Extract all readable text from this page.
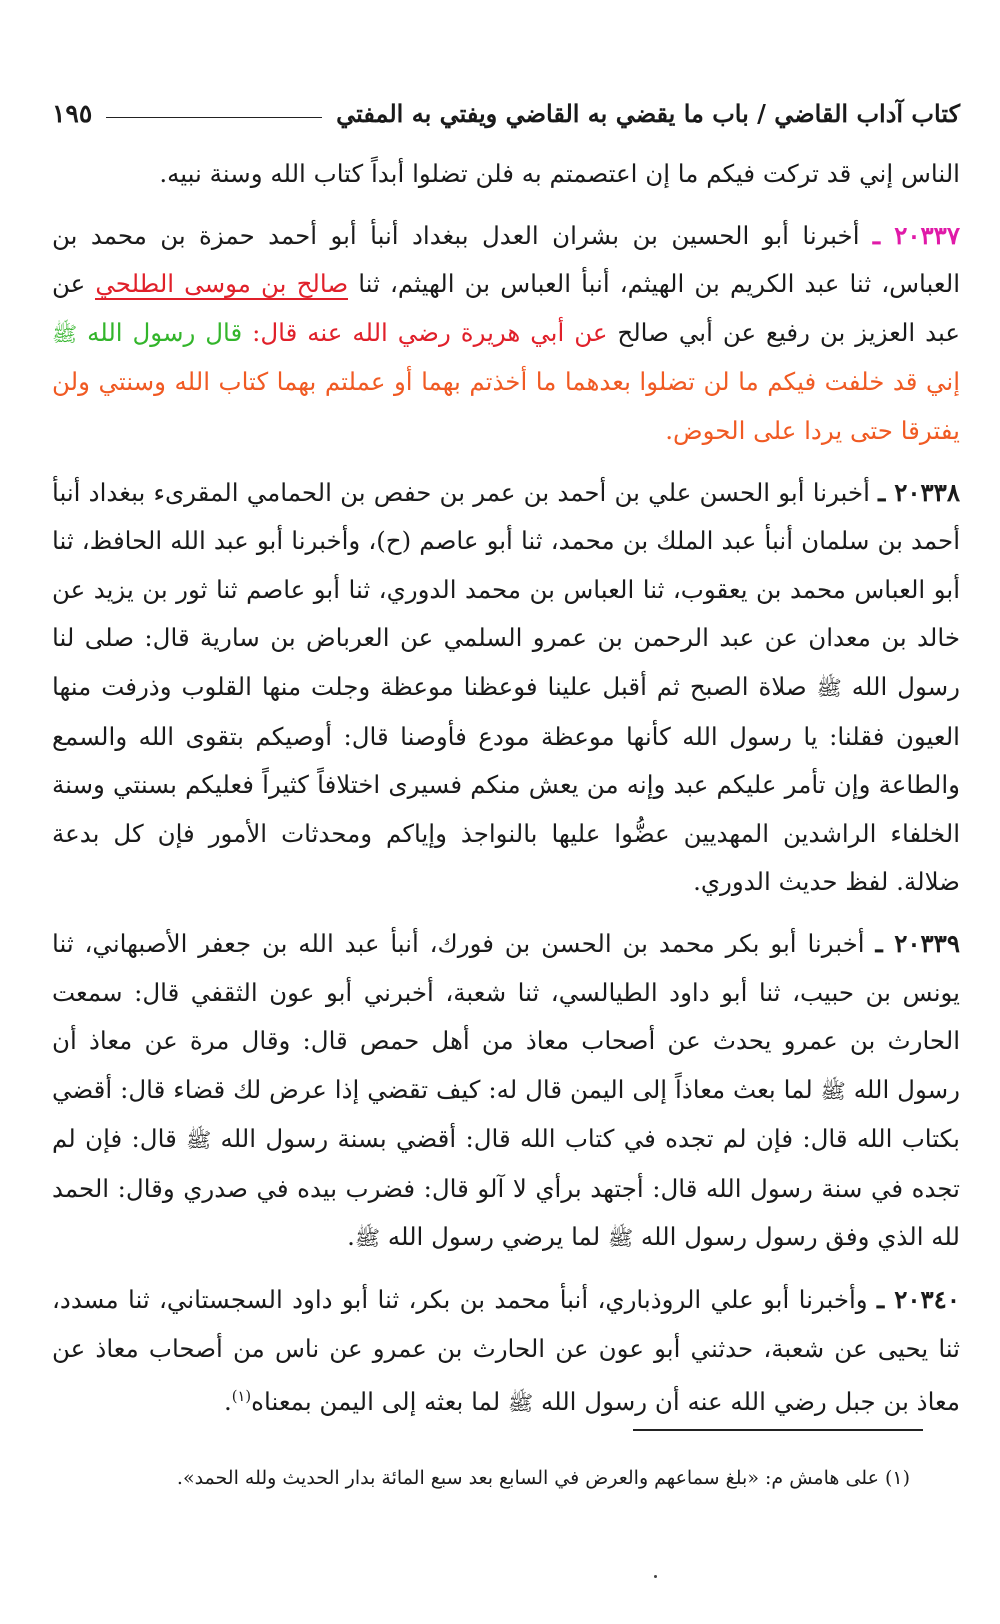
كتاب آداب القاضي / باب ما يقضي به القاضي ويفتي به المفتي
١٩٥

الناس إني قد تركت فيكم ما إن اعتصمتم به فلن تضلوا أبداً كتاب الله وسنة نبيه.

٢٠٣٣٧ ـ أخبرنا أبو الحسين بن بشران العدل ببغداد أنبأ أبو أحمد حمزة بن محمد بن العباس، ثنا عبد الكريم بن الهيثم، أنبأ العباس بن الهيثم، ثنا صالح بن موسى الطلحي عن عبد العزيز بن رفيع عن أبي صالح عن أبي هريرة رضي الله عنه قال: قال رسول الله ﷺ إني قد خلفت فيكم ما لن تضلوا بعدهما ما أخذتم بهما أو عملتم بهما كتاب الله وسنتي ولن يفترقا حتى يردا على الحوض.

٢٠٣٣٨ ـ أخبرنا أبو الحسن علي بن أحمد بن عمر بن حفص بن الحمامي المقرىء ببغداد أنبأ أحمد بن سلمان أنبأ عبد الملك بن محمد، ثنا أبو عاصم (ح)، وأخبرنا أبو عبد الله الحافظ، ثنا أبو العباس محمد بن يعقوب، ثنا العباس بن محمد الدوري، ثنا أبو عاصم ثنا ثور بن يزيد عن خالد بن معدان عن عبد الرحمن بن عمرو السلمي عن العرباض بن سارية قال: صلى لنا رسول الله ﷺ صلاة الصبح ثم أقبل علينا فوعظنا موعظة وجلت منها القلوب وذرفت منها العيون فقلنا: يا رسول الله كأنها موعظة مودع فأوصنا قال: أوصيكم بتقوى الله والسمع والطاعة وإن تأمر عليكم عبد وإنه من يعش منكم فسيرى اختلافاً كثيراً فعليكم بسنتي وسنة الخلفاء الراشدين المهديين عضُّوا عليها بالنواجذ وإياكم ومحدثات الأمور فإن كل بدعة ضلالة. لفظ حديث الدوري.

٢٠٣٣٩ ـ أخبرنا أبو بكر محمد بن الحسن بن فورك، أنبأ عبد الله بن جعفر الأصبهاني، ثنا يونس بن حبيب، ثنا أبو داود الطيالسي، ثنا شعبة، أخبرني أبو عون الثقفي قال: سمعت الحارث بن عمرو يحدث عن أصحاب معاذ من أهل حمص قال: وقال مرة عن معاذ أن رسول الله ﷺ لما بعث معاذاً إلى اليمن قال له: كيف تقضي إذا عرض لك قضاء قال: أقضي بكتاب الله قال: فإن لم تجده في كتاب الله قال: أقضي بسنة رسول الله ﷺ قال: فإن لم تجده في سنة رسول الله قال: أجتهد برأي لا آلو قال: فضرب بيده في صدري وقال: الحمد لله الذي وفق رسول رسول الله ﷺ لما يرضي رسول الله ﷺ.

٢٠٣٤٠ ـ وأخبرنا أبو علي الروذباري، أنبأ محمد بن بكر، ثنا أبو داود السجستاني، ثنا مسدد، ثنا يحيى عن شعبة، حدثني أبو عون عن الحارث بن عمرو عن ناس من أصحاب معاذ عن معاذ بن جبل رضي الله عنه أن رسول الله ﷺ لما بعثه إلى اليمن بمعناه$^{(١)}$.

(١) على هامش م: «بلغ سماعهم والعرض في السابع بعد سبع المائة بدار الحديث ولله الحمد».
